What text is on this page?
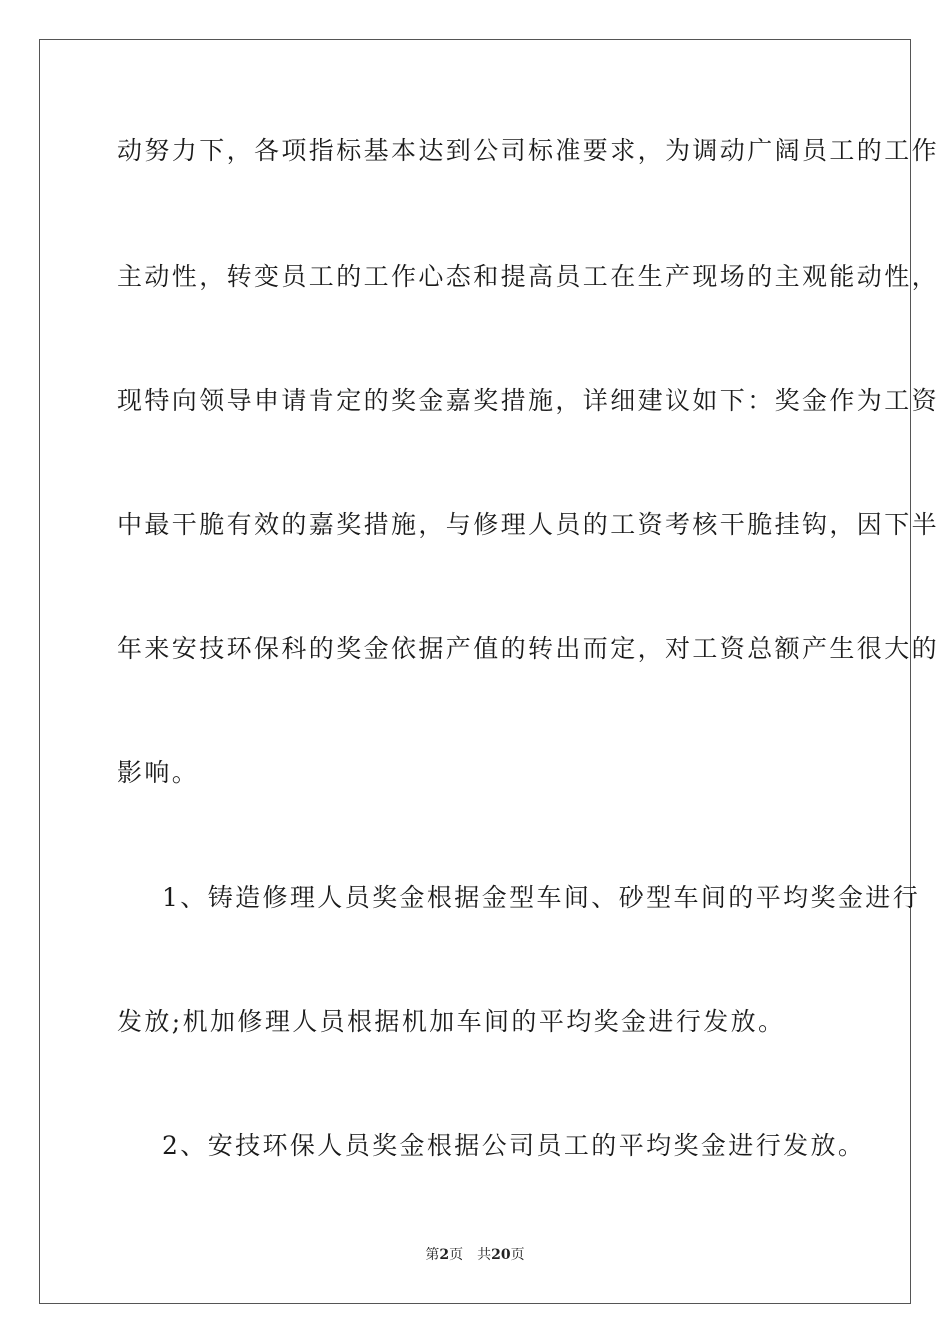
动努力下，各项指标基本达到公司标准要求，为调动广阔员工的工作
主动性，转变员工的工作心态和提高员工在生产现场的主观能动性，
现特向领导申请肯定的奖金嘉奖措施，详细建议如下：奖金作为工资
中最干脆有效的嘉奖措施，与修理人员的工资考核干脆挂钩，因下半
年来安技环保科的奖金依据产值的转出而定，对工资总额产生很大的
影响。
1、铸造修理人员奖金根据金型车间、砂型车间的平均奖金进行
发放;机加修理人员根据机加车间的平均奖金进行发放。
2、安技环保人员奖金根据公司员工的平均奖金进行发放。
第2页 共20页
